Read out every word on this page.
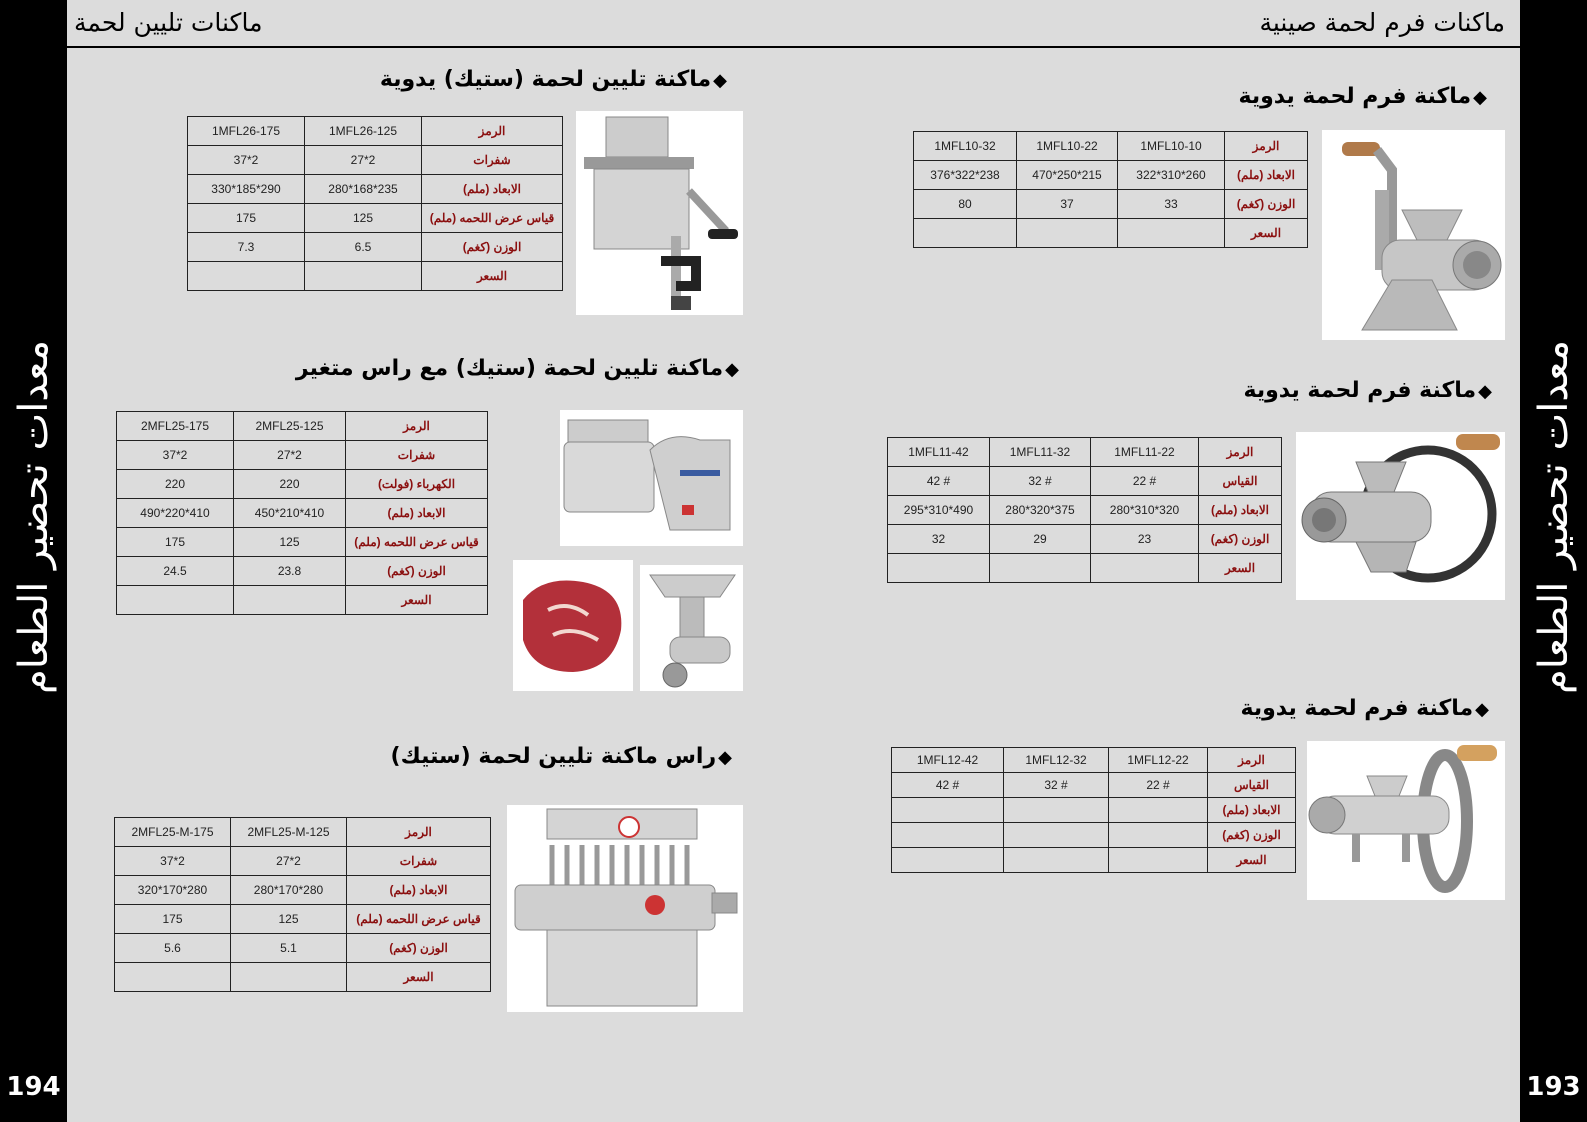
معدات تحضير الطعام
194
معدات تحضير الطعام
193
ماكنات تليين لحمة	ماكنات فرم لحمة صينية
◆ماكنة فرم لحمة يدوية
1MFL10-32	1MFL10-22	1MFL10-10	الرمز
376*322*238	470*250*215	322*310*260	الابعاد (ملم)
80	37	33	الوزن (كغم)
			السعر
◆ماكنة فرم لحمة يدوية
1MFL11-42	1MFL11-32	1MFL11-22	الرمز
42 #	32 #	22 #	القياس
295*310*490	280*320*375	280*310*320	الابعاد (ملم)
32	29	23	الوزن (كغم)
			السعر
◆ماكنة فرم لحمة يدوية
1MFL12-42	1MFL12-32	1MFL12-22	الرمز
42 #	32 #	22 #	القياس
			الابعاد (ملم)
			الوزن (كغم)
			السعر
◆ماكنة تليين لحمة (ستيك) يدوية
1MFL26-175	1MFL26-125	الرمز
37*2	27*2	شفرات
330*185*290	280*168*235	الابعاد (ملم)
175	125	قياس عرض اللحمه (ملم)
7.3	6.5	الوزن (كغم)
		السعر
◆ماكنة تليين لحمة (ستيك) مع راس متغير
2MFL25-175	2MFL25-125	الرمز
37*2	27*2	شفرات
220	220	الكهرباء (فولت)
490*220*410	450*210*410	الابعاد (ملم)
175	125	قياس عرض اللحمه (ملم)
24.5	23.8	الوزن (كغم)
		السعر
◆راس ماكنة تليين لحمة (ستيك)
2MFL25-M-175	2MFL25-M-125	الرمز
37*2	27*2	شفرات
320*170*280	280*170*280	الابعاد (ملم)
175	125	قياس عرض اللحمه (ملم)
5.6	5.1	الوزن (كغم)
		السعر
